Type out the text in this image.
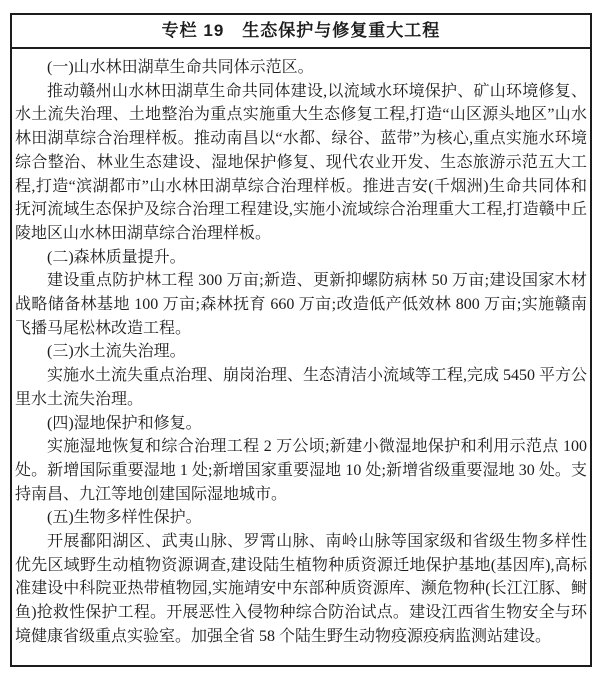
专栏 19　生态保护与修复重大工程
(一)山水林田湖草生命共同体示范区。

推动赣州山水林田湖草生命共同体建设,以流域水环境保护、矿山环境修复、水土流失治理、土地整治为重点实施重大生态修复工程,打造“山区源头地区”山水林田湖草综合治理样板。推动南昌以“水都、绿谷、蓝带”为核心,重点实施水环境综合整治、林业生态建设、湿地保护修复、现代农业开发、生态旅游示范五大工程,打造“滨湖都市”山水林田湖草综合治理样板。推进吉安(千烟洲)生命共同体和抚河流域生态保护及综合治理工程建设,实施小流域综合治理重大工程,打造赣中丘陵地区山水林田湖草综合治理样板。

(二)森林质量提升。

建设重点防护林工程 300 万亩;新造、更新抑螺防病林 50 万亩;建设国家木材战略储备林基地 100 万亩;森林抚育 660 万亩;改造低产低效林 800 万亩;实施赣南飞播马尾松林改造工程。

(三)水土流失治理。

实施水土流失重点治理、崩岗治理、生态清洁小流域等工程,完成 5450 平方公里水土流失治理。

(四)湿地保护和修复。

实施湿地恢复和综合治理工程 2 万公顷;新建小微湿地保护和利用示范点 100 处。新增国际重要湿地 1 处;新增国家重要湿地 10 处;新增省级重要湿地 30 处。支持南昌、九江等地创建国际湿地城市。

(五)生物多样性保护。

开展鄱阳湖区、武夷山脉、罗霄山脉、南岭山脉等国家级和省级生物多样性优先区域野生动植物资源调查,建设陆生植物种质资源迁地保护基地(基因库),高标准建设中科院亚热带植物园,实施靖安中东部种质资源库、濒危物种(长江江豚、鲥鱼)抢救性保护工程。开展恶性入侵物种综合防治试点。建设江西省生物安全与环境健康省级重点实验室。加强全省 58 个陆生野生动物疫源疫病监测站建设。
